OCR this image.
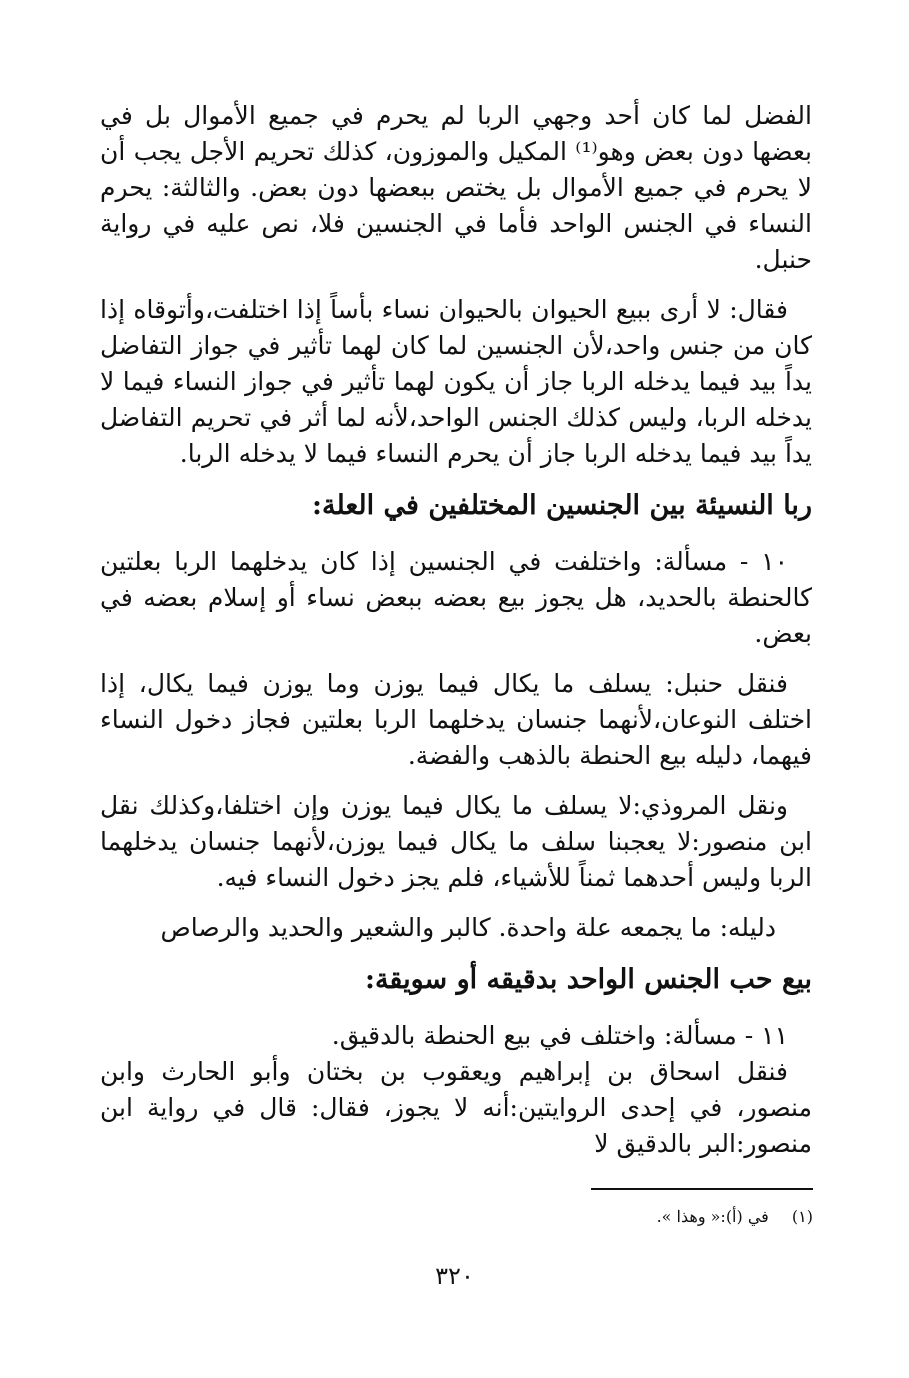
الفضل لما كان أحد وجهي الربا لم يحرم في جميع الأموال بل في بعضها دون بعض وهو⁽¹⁾ المكيل والموزون، كذلك تحريم الأجل يجب أن لا يحرم في جميع الأموال بل يختص ببعضها دون بعض. والثالثة: يحرم النساء في الجنس الواحد فأما في الجنسين فلا، نص عليه في رواية حنبل.

فقال: لا أرى ببيع الحيوان بالحيوان نساء بأساً إذا اختلفت،وأتوقاه إذا كان من جنس واحد،لأن الجنسين لما كان لهما تأثير في جواز التفاضل يداً بيد فيما يدخله الربا جاز أن يكون لهما تأثير في جواز النساء فيما لا يدخله الربا، وليس كذلك الجنس الواحد،لأنه لما أثر في تحريم التفاضل يداً بيد فيما يدخله الربا جاز أن يحرم النساء فيما لا يدخله الربا.

ربا النسيئة بين الجنسين المختلفين في العلة:

١٠ - مسألة: واختلفت في الجنسين إذا كان يدخلهما الربا بعلتين كالحنطة بالحديد، هل يجوز بيع بعضه ببعض نساء أو إسلام بعضه في بعض.

فنقل حنبل: يسلف ما يكال فيما يوزن وما يوزن فيما يكال، إذا اختلف النوعان،لأنهما جنسان يدخلهما الربا بعلتين فجاز دخول النساء فيهما، دليله بيع الحنطة بالذهب والفضة.

ونقل المروذي:لا يسلف ما يكال فيما يوزن وإن اختلفا،وكذلك نقل ابن منصور:لا يعجبنا سلف ما يكال فيما يوزن،لأنهما جنسان يدخلهما الربا وليس أحدهما ثمناً للأشياء، فلم يجز دخول النساء فيه.

دليله: ما يجمعه علة واحدة. كالبر والشعير والحديد والرصاص

بيع حب الجنس الواحد بدقيقه أو سويقة:

١١ - مسألة: واختلف في بيع الحنطة بالدقيق.

فنقل اسحاق بن إبراهيم ويعقوب بن بختان وأبو الحارث وابن منصور، في إحدى الروايتين:أنه لا يجوز، فقال: قال في رواية ابن منصور:البر بالدقيق لا

(١) في (أ):« وهذا ».
٣٢٠
